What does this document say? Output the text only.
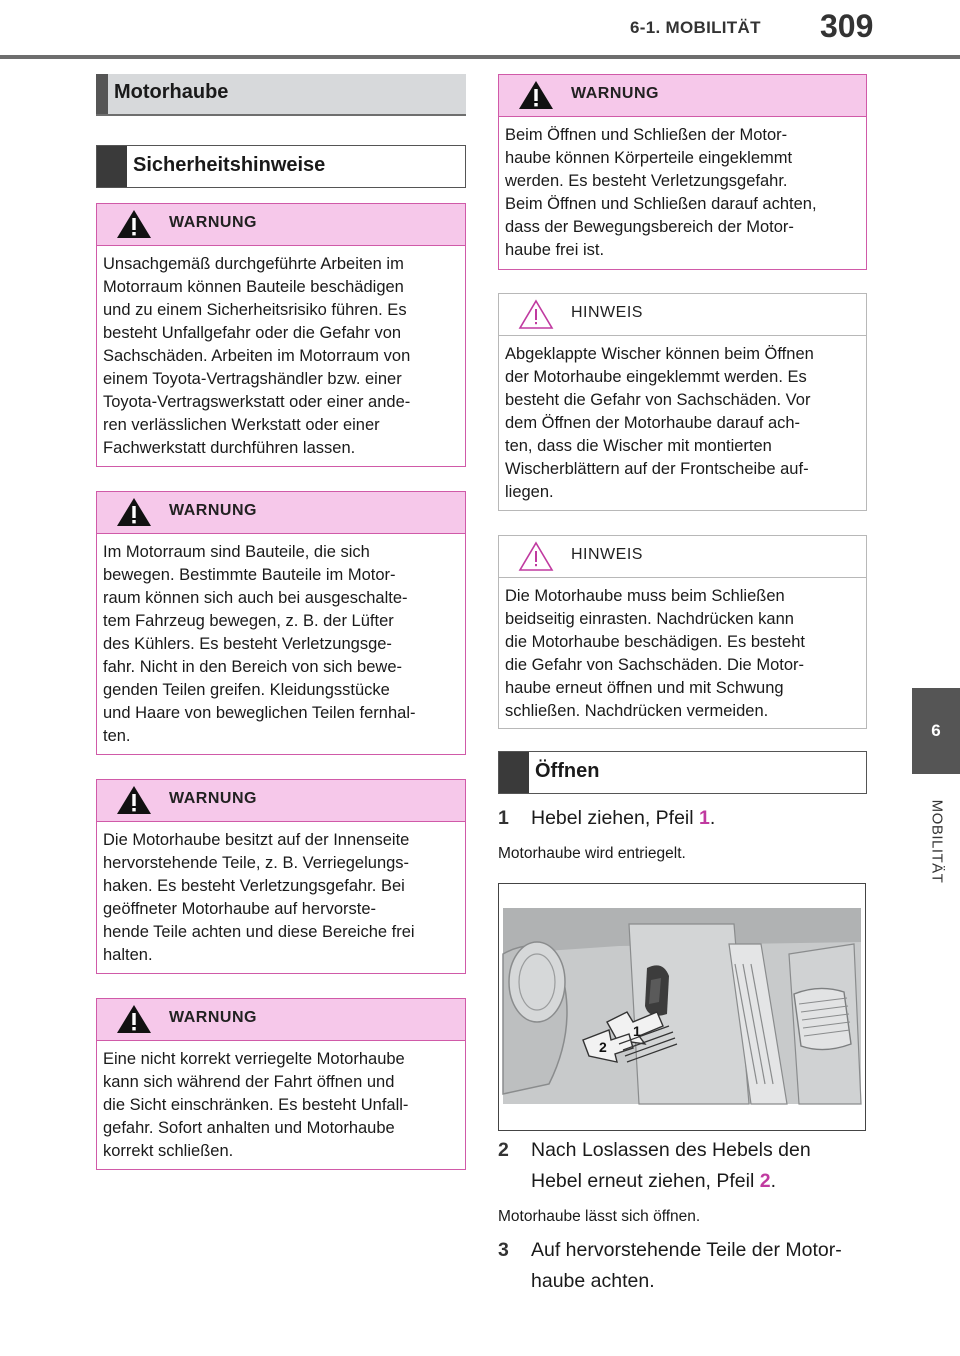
6-1. MOBILITÄT 309
6
MOBILITÄT
Motorhaube
Sicherheitshinweise
WARNUNG
Unsachgemäß durchgeführte Arbeiten im
Motorraum können Bauteile beschädigen
und zu einem Sicherheitsrisiko führen. Es
besteht Unfallgefahr oder die Gefahr von
Sachschäden. Arbeiten im Motorraum von
einem Toyota-Vertragshändler bzw. einer
Toyota-Vertragswerkstatt oder einer ande-
ren verlässlichen Werkstatt oder einer
Fachwerkstatt durchführen lassen.
WARNUNG
Im Motorraum sind Bauteile, die sich
bewegen. Bestimmte Bauteile im Motor-
raum können sich auch bei ausgeschalte-
tem Fahrzeug bewegen, z. B. der Lüfter
des Kühlers. Es besteht Verletzungsge-
fahr. Nicht in den Bereich von sich bewe-
genden Teilen greifen. Kleidungsstücke
und Haare von beweglichen Teilen fernhal-
ten.
WARNUNG
Die Motorhaube besitzt auf der Innenseite
hervorstehende Teile, z. B. Verriegelungs-
haken. Es besteht Verletzungsgefahr. Bei
geöffneter Motorhaube auf hervorste-
hende Teile achten und diese Bereiche frei
halten.
WARNUNG
Eine nicht korrekt verriegelte Motorhaube
kann sich während der Fahrt öffnen und
die Sicht einschränken. Es besteht Unfall-
gefahr. Sofort anhalten und Motorhaube
korrekt schließen.
WARNUNG
Beim Öffnen und Schließen der Motor-
haube können Körperteile eingeklemmt
werden. Es besteht Verletzungsgefahr.
Beim Öffnen und Schließen darauf achten,
dass der Bewegungsbereich der Motor-
haube frei ist.
HINWEIS
Abgeklappte Wischer können beim Öffnen
der Motorhaube eingeklemmt werden. Es
besteht die Gefahr von Sachschäden. Vor
dem Öffnen der Motorhaube darauf ach-
ten, dass die Wischer mit montierten
Wischerblättern auf der Frontscheibe auf-
liegen.
HINWEIS
Die Motorhaube muss beim Schließen
beidseitig einrasten. Nachdrücken kann
die Motorhaube beschädigen. Es besteht
die Gefahr von Sachschäden. Die Motor-
haube erneut öffnen und mit Schwung
schließen. Nachdrücken vermeiden.
Öffnen
1 Hebel ziehen, Pfeil 1.
Motorhaube wird entriegelt.
1
2
2 Nach Loslassen des Hebels den
Hebel erneut ziehen, Pfeil 2.
Motorhaube lässt sich öffnen.
3 Auf hervorstehende Teile der Motor-
haube achten.
